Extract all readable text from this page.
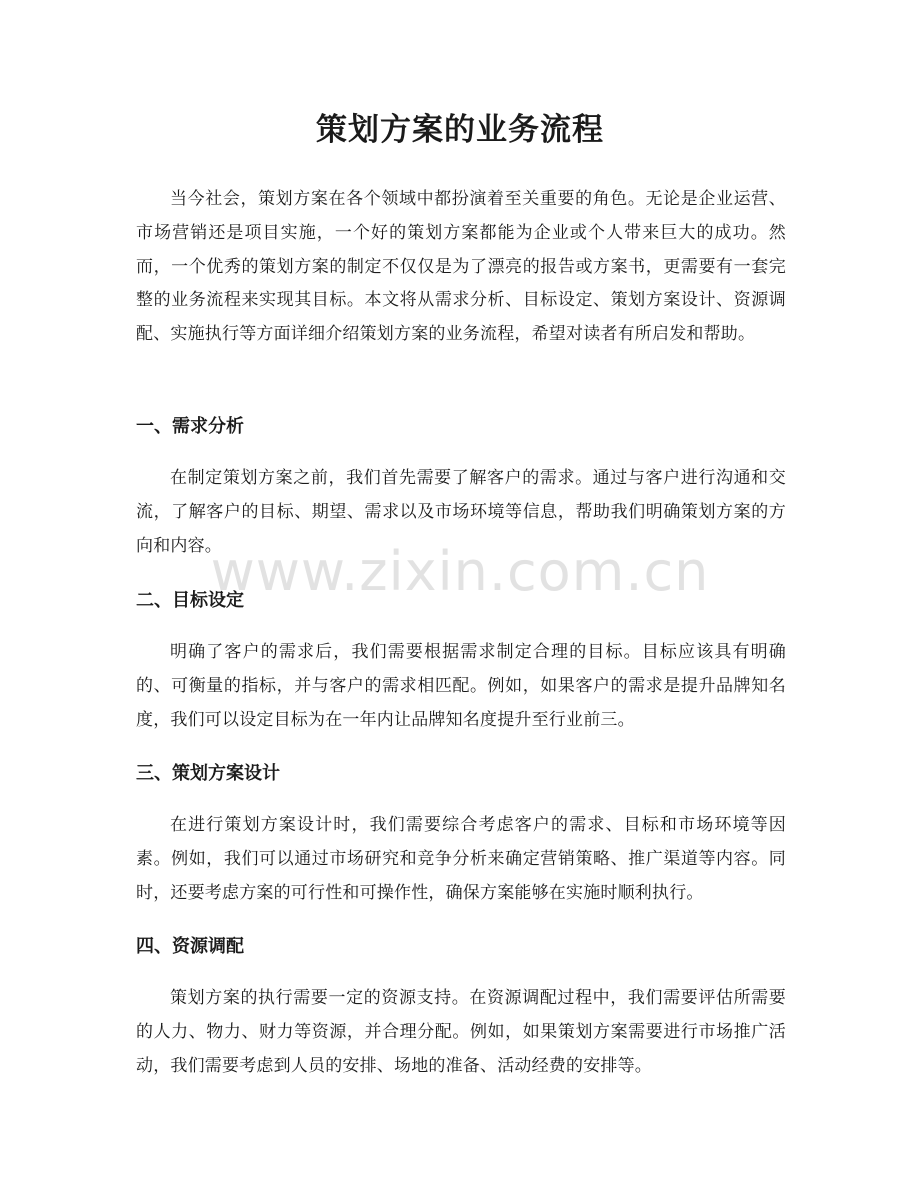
策划方案的业务流程

当今社会，策划方案在各个领域中都扮演着至关重要的角色。无论是企业运营、市场营销还是项目实施，一个好的策划方案都能为企业或个人带来巨大的成功。然而，一个优秀的策划方案的制定不仅仅是为了漂亮的报告或方案书，更需要有一套完整的业务流程来实现其目标。本文将从需求分析、目标设定、策划方案设计、资源调配、实施执行等方面详细介绍策划方案的业务流程，希望对读者有所启发和帮助。

一、需求分析

在制定策划方案之前，我们首先需要了解客户的需求。通过与客户进行沟通和交流，了解客户的目标、期望、需求以及市场环境等信息，帮助我们明确策划方案的方向和内容。

二、目标设定

明确了客户的需求后，我们需要根据需求制定合理的目标。目标应该具有明确的、可衡量的指标，并与客户的需求相匹配。例如，如果客户的需求是提升品牌知名度，我们可以设定目标为在一年内让品牌知名度提升至行业前三。

三、策划方案设计

在进行策划方案设计时，我们需要综合考虑客户的需求、目标和市场环境等因素。例如，我们可以通过市场研究和竞争分析来确定营销策略、推广渠道等内容。同时，还要考虑方案的可行性和可操作性，确保方案能够在实施时顺利执行。

四、资源调配

策划方案的执行需要一定的资源支持。在资源调配过程中，我们需要评估所需要的人力、物力、财力等资源，并合理分配。例如，如果策划方案需要进行市场推广活动，我们需要考虑到人员的安排、场地的准备、活动经费的安排等。

www.zixin.com.cn
